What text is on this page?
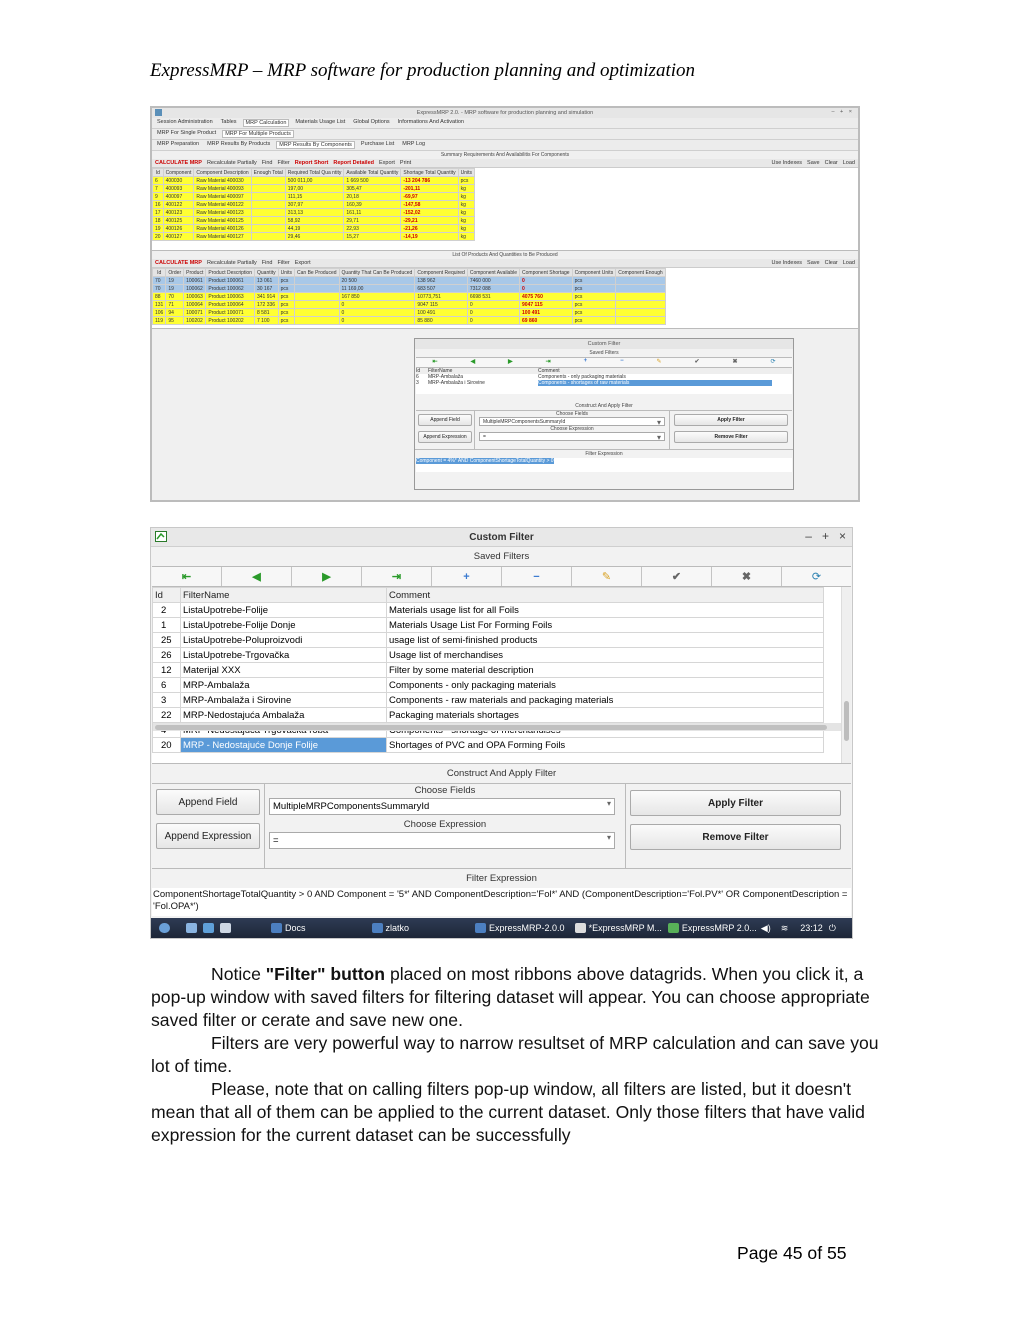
ExpressMRP – MRP software for production planning and optimization
ExpressMRP 2.0. - MRP software for production planning and simulation	– + ×
Session Administration	Tables	MRP Calculation	Materials Usage List	Global Options	Informations And Activation
MRP For Single Product	MRP For Multiple Products
MRP Preparation	MRP Results By Products	MRP Results By Components	Purchase List	MRP Log
Summary Requirements And Availabilitis For Components
CALCULATE MRP Recalculate Partially Find Filter Report Short Report Detailed Export Print	Use Indexes Save Clear Load
Id	Component	Component Description	Enough Total	Required Total Qua ntity	Available Total Quantity	Shortage Total Quantity	Units
6	400030	Raw Material 400030		500 011,00	1 669 500	-13 204 786	pcs
7	400093	Raw Material 400093		197,00	305,47	-201,11	kg
9	400097	Raw Material 400097		111,15	20,18	-69,97	kg
16	400122	Raw Material 400122		307,97	160,39	-147,58	kg
17	400123	Raw Material 400123		313,13	161,11	-152,02	kg
18	400125	Raw Material 400125		58,92	29,71	-29,21	kg
19	400126	Raw Material 400126		44,19	22,93	-21,26	kg
20	400127	Raw Material 400127		29,46	15,27	-14,19	kg
List Of Products And Quantities to Be Produced
CALCULATE MRP Recalculate Partially Find Filter Export	Use Indexes Save Clear Load
Id	Order	Product	Product Description	Quantity	Units	Can Be Produced	Quantity That Can Be Produced	Component Required	Component Available	Component Shortage	Component Units	Component Enough
70	19	100061	Product 100061	13 061	pcs		20 500	138 962	7460 000	0	pcs	
70	19	100062	Product 100062	30 167	pcs		11 169,00	683 507	7312 088	0	pcs	
88	70	100063	Product 100063	341 914	pcs		167 850	10773,751	6698 531	4075 760	pcs	
131	71	100064	Product 100064	172 336	pcs		0	9047 115	0	9047 115	pcs	
106	94	100071	Product 100071	8 581	pcs		0	100 491	0	100 491	pcs	
119	95	100202	Product 100202	7 100	pcs		0	85 880	0	69 860	pcs	
Custom Filter
Saved Filters
⇤	◀	▶	⇥	+	−	✎	✔	✖	⟳
Id	FilterName	Comment
6	MRP-Ambalaža	Components - only packaging materials
3	MRP-Ambalaža i Sirovine	Components - shortages of raw materials
Construct And Apply Filter
Append Field
Append Expression
Choose Fields
MultipleMRPComponentsSummaryId	▾
Choose Expression
=	▾
Apply Filter
Remove Filter
Filter Expression
Component = 4%* AND ComponentShortageTotalQuantity > 0
Custom Filter	– + ×
Saved Filters
⇤	◀	▶	⇥	+	−	✎	✔	✖	⟳
Id	FilterName	Comment
2	ListaUpotrebe-Folije	Materials usage list for all Foils
1	ListaUpotrebe-Folije Donje	Materials Usage List For Forming Foils
25	ListaUpotrebe-Poluproizvodi	usage list of semi-finished products
26	ListaUpotrebe-Trgovačka	Usage list of merchandises
12	Materijal XXX	Filter by some material description
6	MRP-Ambalaža	Components - only packaging materials
3	MRP-Ambalaža i Sirovine	Components - raw materials and packaging materials
22	MRP-Nedostajuća Ambalaža	Packaging materials shortages

20	MRP - Nedostajuće Donje Folije	Shortages of PVC and OPA Forming Foils
Construct And Apply Filter
Append Field
Append Expression
Choose Fields
MultipleMRPComponentsSummaryId	▾
Choose Expression
=	▾
Apply Filter
Remove Filter
Filter Expression
ComponentShortageTotalQuantity > 0 AND Component = '5*' AND ComponentDescription='Fol*' AND (ComponentDescription='Fol.PV*' OR ComponentDescription = 'Fol.OPA*')
Docs	zlatko	ExpressMRP-2.0.0	*ExpressMRP M... ExpressMRP 2.0... ◀) ≋ 23:12 ⏻
Notice "Filter" button placed on most ribbons above datagrids. When you click it, a pop-up window with saved filters for filtering dataset will appear. You can choose appropriate saved filter or cerate and save new one.
Filters are very powerful way to narrow resultset of MRP calculation and can save you lot of time.
Please, note that on calling filters pop-up window, all filters are listed, but it doesn't mean that all of them can be applied to the current dataset. Only those filters that have valid expression for the current dataset can be successfully
Page 45 of 55
